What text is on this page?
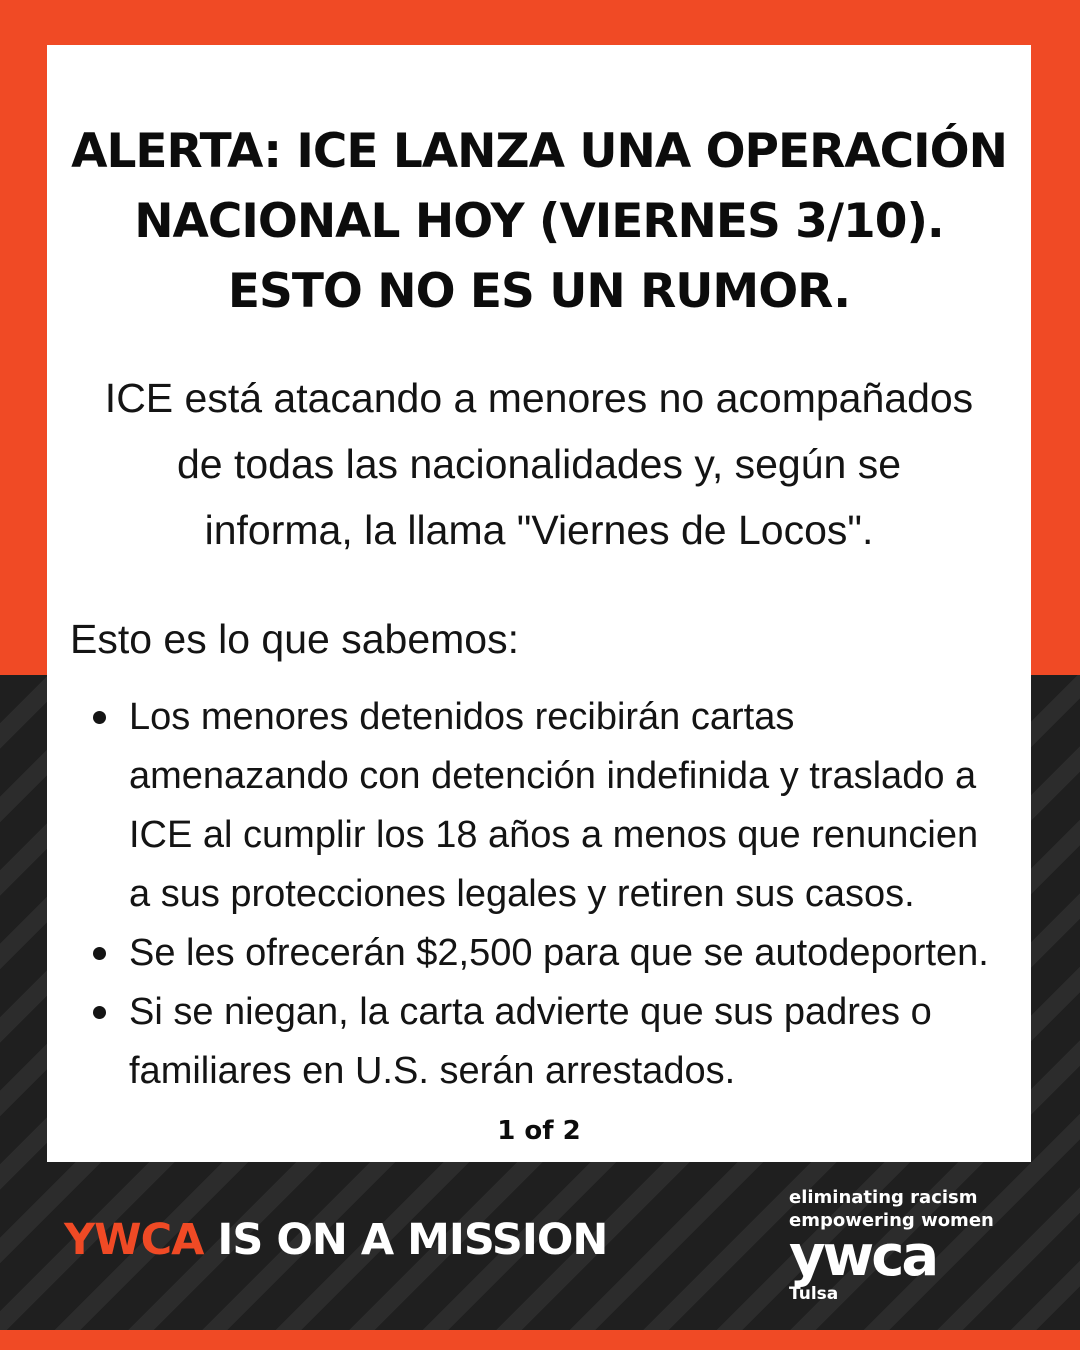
ALERTA: ICE LANZA UNA OPERACIÓN
NACIONAL HOY (VIERNES 3/10).
ESTO NO ES UN RUMOR.

ICE está atacando a menores no acompañados
de todas las nacionalidades y, según se
informa, la llama "Viernes de Locos".

Esto es lo que sabemos:
Los menores detenidos recibirán cartas
amenazando con detención indefinida y traslado a
ICE al cumplir los 18 años a menos que renuncien
a sus protecciones legales y retiren sus casos.
Se les ofrecerán $2,500 para que se autodeporten.
Si se niegan, la carta advierte que sus padres o
familiares en U.S. serán arrestados.
1 of 2
YWCA IS ON A MISSION
eliminating racism
empowering women
ywca
Tulsa
